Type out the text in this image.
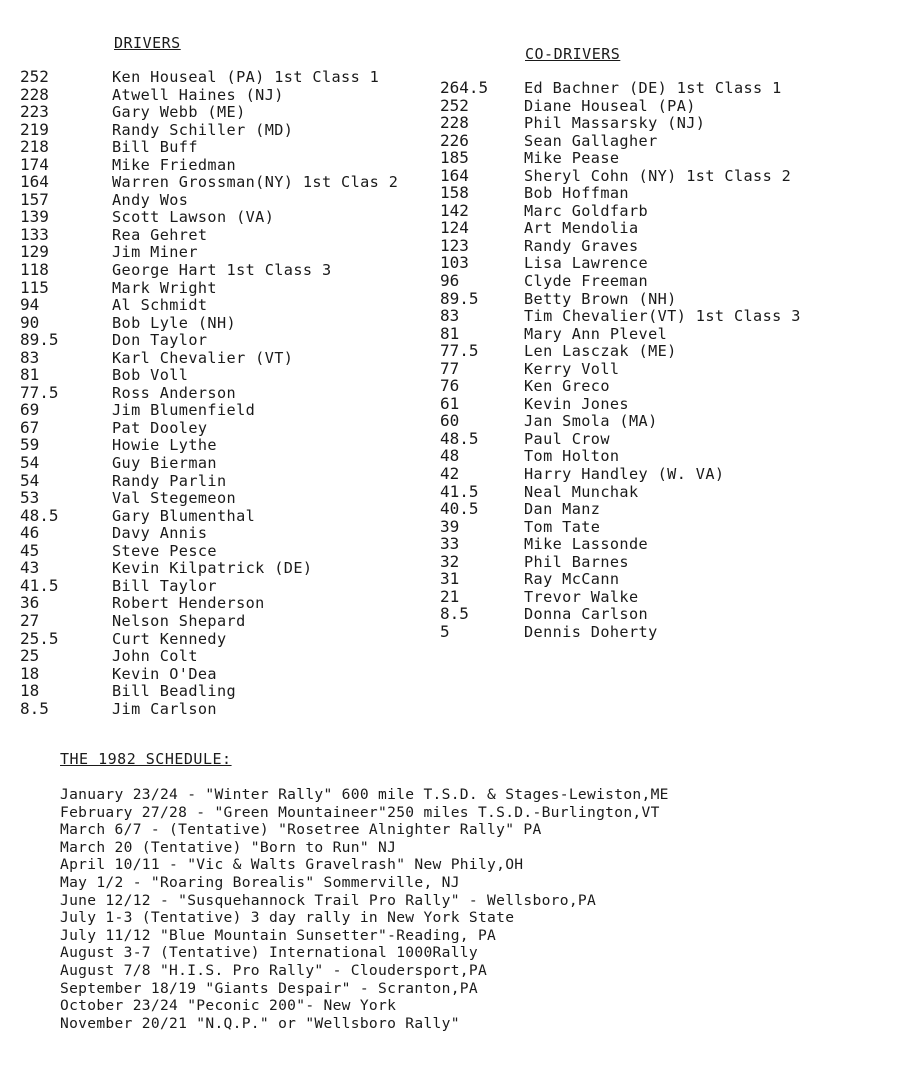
DRIVERS
CO-DRIVERS
252	Ken Houseal (PA) 1st Class 1
228	Atwell Haines (NJ)
223	Gary Webb (ME)
219	Randy Schiller (MD)
218	Bill Buff
174	Mike Friedman
164	Warren Grossman(NY) 1st Clas 2
157	Andy Wos
139	Scott Lawson (VA)
133	Rea Gehret
129	Jim Miner
118	George Hart 1st Class 3
115	Mark Wright
94	Al Schmidt
90	Bob Lyle (NH)
89.5	Don Taylor
83	Karl Chevalier (VT)
81	Bob Voll
77.5	Ross Anderson
69	Jim Blumenfield
67	Pat Dooley
59	Howie Lythe
54	Guy Bierman
54	Randy Parlin
53	Val Stegemeon
48.5	Gary Blumenthal
46	Davy Annis
45	Steve Pesce
43	Kevin Kilpatrick (DE)
41.5	Bill Taylor
36	Robert Henderson
27	Nelson Shepard
25.5	Curt Kennedy
25	John Colt
18	Kevin O'Dea
18	Bill Beadling
8.5	Jim Carlson
264.5 Ed Bachner (DE) 1st Class 1
252	Diane Houseal (PA)
228	Phil Massarsky (NJ)
226	Sean Gallagher
185	Mike Pease
164	Sheryl Cohn (NY) 1st Class 2
158	Bob Hoffman
142	Marc Goldfarb
124	Art Mendolia
123	Randy Graves
103	Lisa Lawrence
96	Clyde Freeman
89.5	Betty Brown (NH)
83	Tim Chevalier(VT) 1st Class 3
81	Mary Ann Plevel
77.5	Len Lasczak (ME)
77	Kerry Voll
76	Ken Greco
61	Kevin Jones
60	Jan Smola (MA)
48.5	Paul Crow
48	Tom Holton
42	Harry Handley (W. VA)
41.5	Neal Munchak
40.5	Dan Manz
39	Tom Tate
33	Mike Lassonde
32	Phil Barnes
31	Ray McCann
21	Trevor Walke
8.5	Donna Carlson
5	Dennis Doherty
THE 1982 SCHEDULE:
January 23/24 - "Winter Rally" 600 mile T.S.D. & Stages-Lewiston,ME
February 27/28 - "Green Mountaineer"250 miles T.S.D.-Burlington,VT
March 6/7 - (Tentative) "Rosetree Alnighter Rally" PA
March 20 (Tentative) "Born to Run" NJ
April 10/11 - "Vic & Walts Gravelrash" New Phily,OH
May 1/2 - "Roaring Borealis" Sommerville, NJ
June 12/12 - "Susquehannock Trail Pro Rally" - Wellsboro,PA
July 1-3 (Tentative) 3 day rally in New York State
July 11/12 "Blue Mountain Sunsetter"-Reading, PA
August 3-7 (Tentative) International 1000Rally
August 7/8 "H.I.S. Pro Rally" - Cloudersport,PA
September 18/19 "Giants Despair" - Scranton,PA
October 23/24 "Peconic 200"- New York
November 20/21 "N.Q.P." or "Wellsboro Rally"
